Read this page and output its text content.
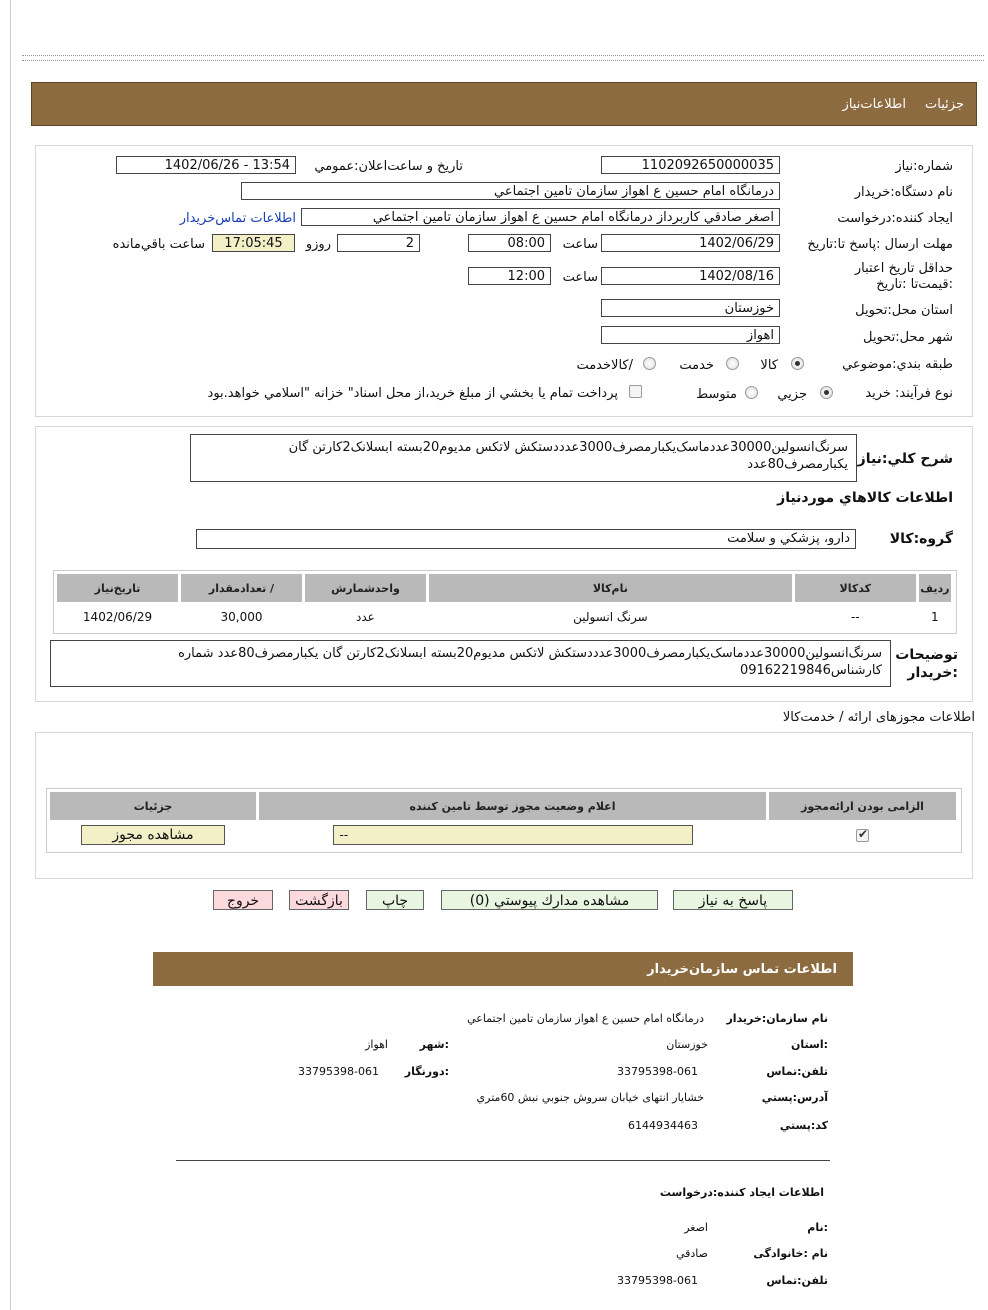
جزئيات
اطلاعات‌نياز
شماره:نياز
1102092650000035
تاريخ و ساعت‌اعلان:عمومي
1402/06/26 - 13:54
نام دستگاه:خريدار
درمانگاه امام حسين ع اهواز سازمان تامين اجتماعي
ايجاد کننده:درخواست
اصغر صادقي كاربرداز درمانگاه امام حسين ع اهواز سازمان تامين اجتماعي
اطلاعات تماس‌خريدار
مهلت ارسال :پاسخ تا:تاريخ
1402/06/29
ساعت
08:00
2
روزو
17:05:45
ساعت باقي‌مانده
حداقل تاريخ اعتبار :قيمت‌تا :تاريخ
1402/08/16
ساعت
12:00
استان محل:تحويل
خوزستان
شهر محل:تحويل
اهواز
طبقه بندي:موضوعي
كالا
خدمت
/كالاخدمت
نوع فرآيند: خريد
جزيي
متوسط
پرداخت تمام يا بخشي از مبلغ خريد،از محل اسناد" خزانه "اسلامي خواهد.بود
شرح كلي:نياز
سرنگ‌انسولين30000عددماسک‌يکبارمصرف3000عدددستکش لاتکس مديوم20بسته ابسلانک2کارتن گان يکبارمصرف80عدد
اطلاعات كالاهاي موردنياز
گروه:كالا
دارو، پزشكي و سلامت
رديف	كدكالا	نام‌كالا	واحدشمارش	/ تعدادمقدار	تاريخ‌نياز
1	--	سرنگ انسولين	عدد	30,000	1402/06/29
توضيحات :خريدار
سرنگ‌انسولين30000عددماسک‌يکبارمصرف3000عدددستکش لاتکس مديوم20بسته ابسلانک2کارتن گان يکبارمصرف80عدد شماره کارشناس09162219846
اطلاعات مجوزهای ارائه / خدمت‌كالا
الزامی بودن ارائه‌مجوز	اعلام وضعیت مجوز توسط تامین کننده	جزئيات

✔	--	مشاهده مجوز
پاسخ به نياز
مشاهده مدارك پيوستي (0)
چاپ
بازگشت
خروج
اطلاعات تماس سازمان‌خريدار
نام سازمان:خريدار
درمانگاه امام حسين ع اهواز سازمان تامين اجتماعي
:استان
خوزستان
:شهر
اهواز
تلفن:تماس
33795398-061
:دورنگار
33795398-061
آدرس:پستي
خشايار انتهای خيابان سروش جنوبي نبش 60متري
کد:پستي
6144934463
اطلاعات ايجاد کننده:درخواست
:نام
اصغر
نام :خانوادگی
صادقي
تلفن:تماس
33795398-061
